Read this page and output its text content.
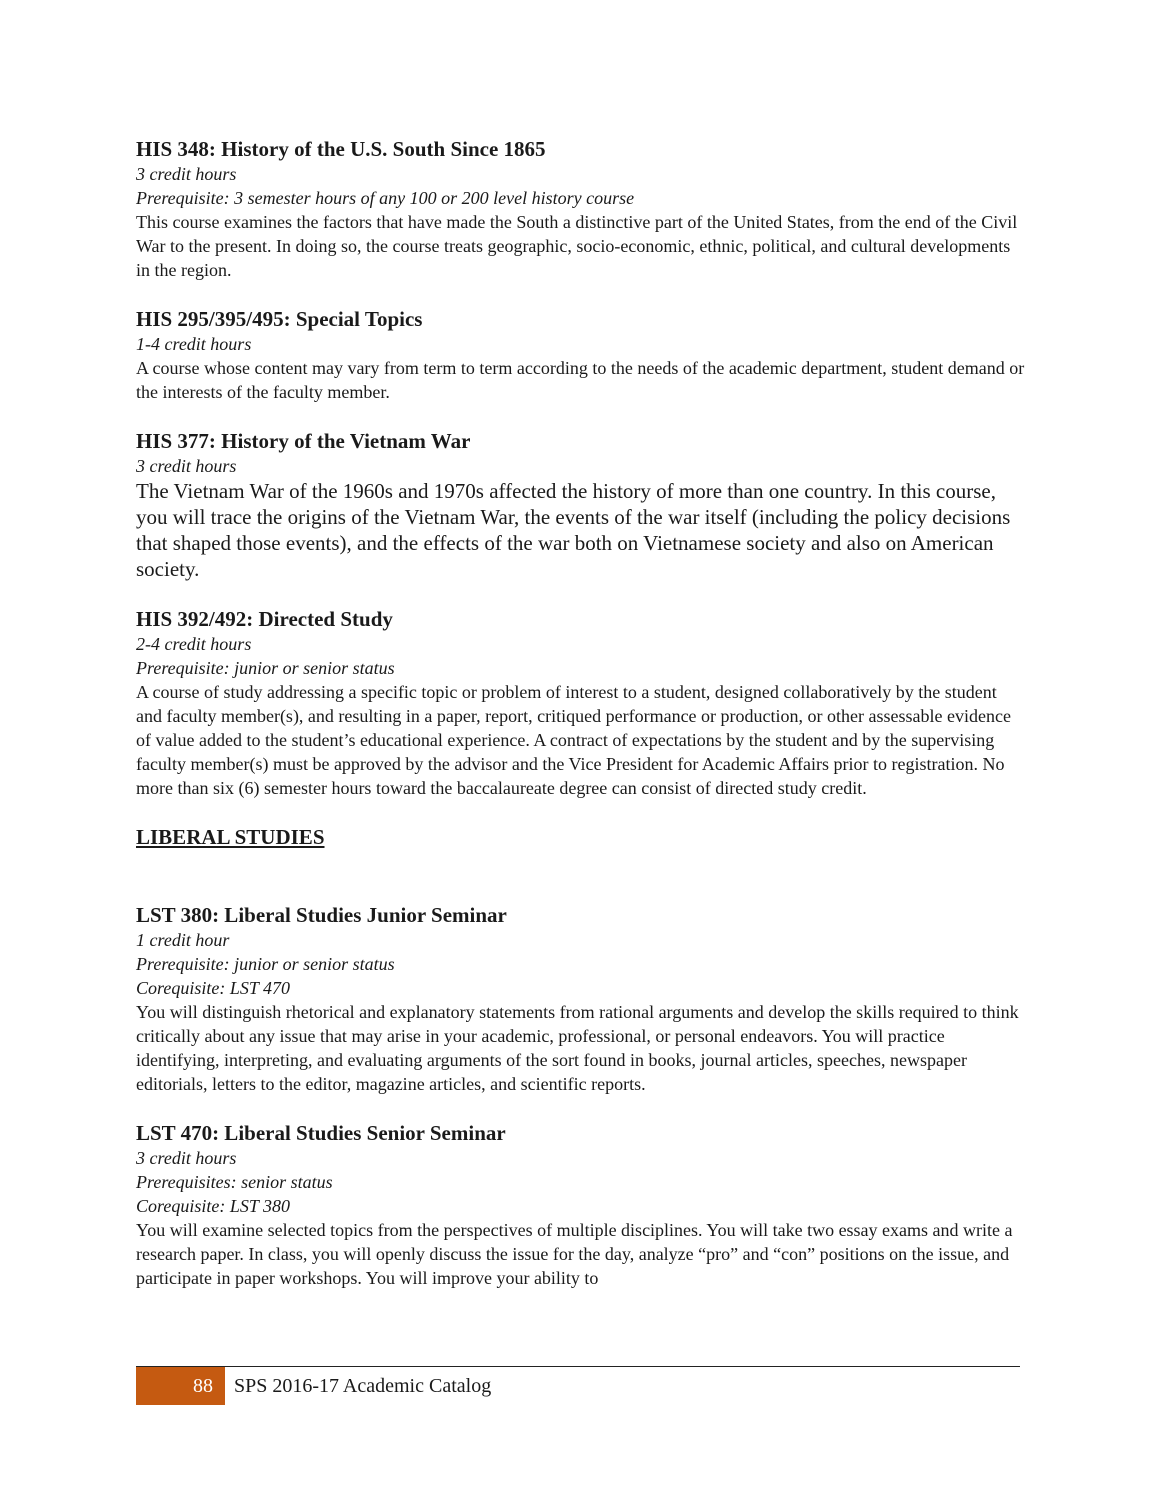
HIS 348: History of the U.S. South Since 1865

3 credit hours

Prerequisite: 3 semester hours of any 100 or 200 level history course

This course examines the factors that have made the South a distinctive part of the United States, from the end of the Civil War to the present. In doing so, the course treats geographic, socio-economic, ethnic, political, and cultural developments in the region.

HIS 295/395/495: Special Topics

1-4 credit hours

A course whose content may vary from term to term according to the needs of the academic department, student demand or the interests of the faculty member.

HIS 377: History of the Vietnam War

3 credit hours

The Vietnam War of the 1960s and 1970s affected the history of more than one country. In this course, you will trace the origins of the Vietnam War, the events of the war itself (including the policy decisions that shaped those events), and the effects of the war both on Vietnamese society and also on American society.

HIS 392/492: Directed Study

2-4 credit hours

Prerequisite: junior or senior status

A course of study addressing a specific topic or problem of interest to a student, designed collaboratively by the student and faculty member(s), and resulting in a paper, report, critiqued performance or production, or other assessable evidence of value added to the student’s educational experience. A contract of expectations by the student and by the supervising faculty member(s) must be approved by the advisor and the Vice President for Academic Affairs prior to registration. No more than six (6) semester hours toward the baccalaureate degree can consist of directed study credit.

LIBERAL STUDIES

LST 380: Liberal Studies Junior Seminar

1 credit hour

Prerequisite: junior or senior status

Corequisite: LST 470

You will distinguish rhetorical and explanatory statements from rational arguments and develop the skills required to think critically about any issue that may arise in your academic, professional, or personal endeavors. You will practice identifying, interpreting, and evaluating arguments of the sort found in books, journal articles, speeches, newspaper editorials, letters to the editor, magazine articles, and scientific reports.

LST 470: Liberal Studies Senior Seminar

3 credit hours

Prerequisites: senior status

Corequisite: LST 380

You will examine selected topics from the perspectives of multiple disciplines. You will take two essay exams and write a research paper. In class, you will openly discuss the issue for the day, analyze “pro” and “con” positions on the issue, and participate in paper workshops. You will improve your ability to

88	SPS 2016-17 Academic Catalog
